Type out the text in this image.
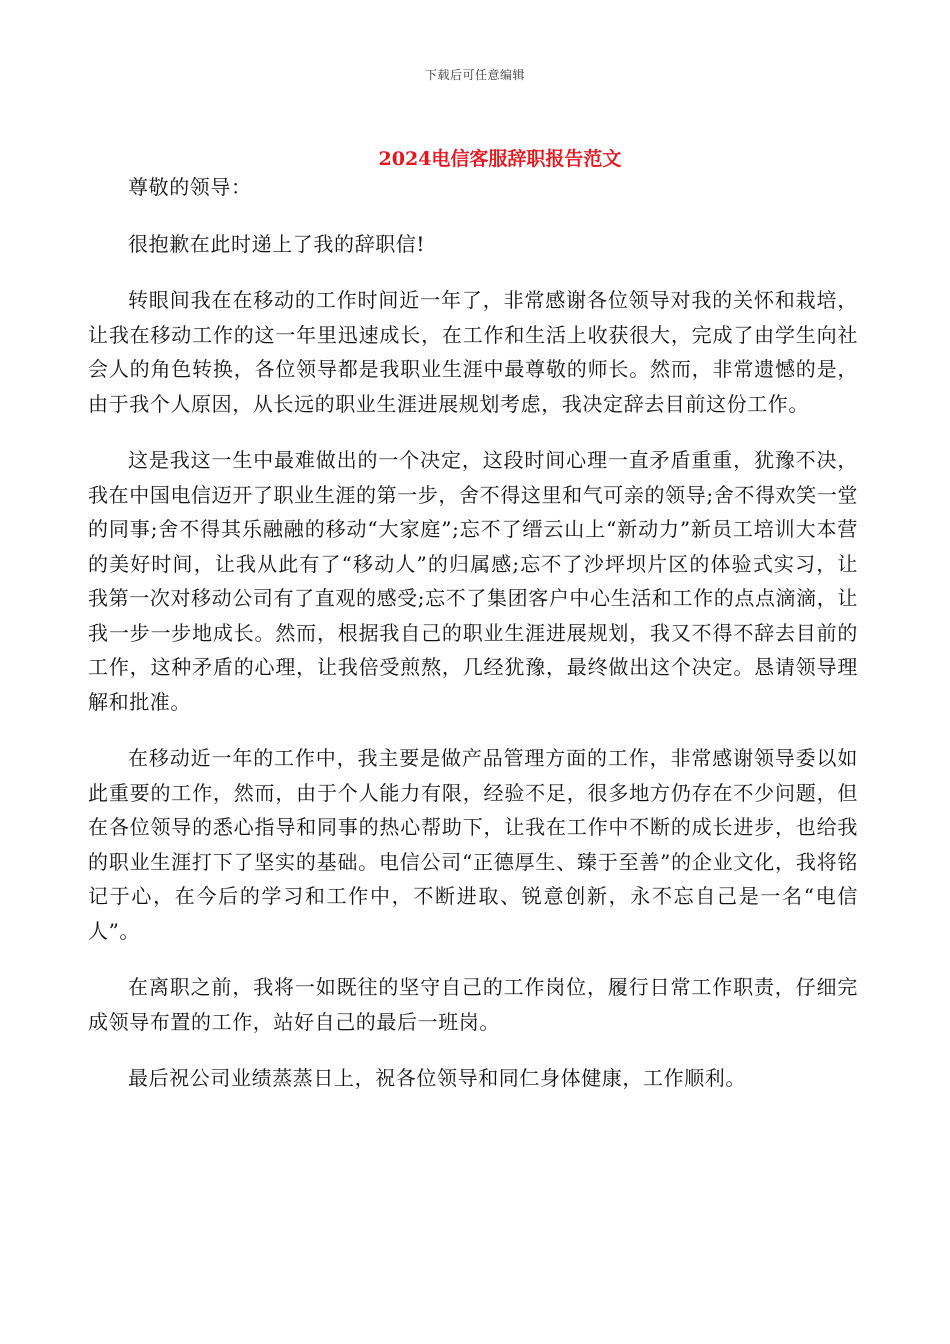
下载后可任意编辑
2024电信客服辞职报告范文

尊敬的领导：

很抱歉在此时递上了我的辞职信!

转眼间我在在移动的工作时间近一年了，非常感谢各位领导对我的关怀和栽培，让我在移动工作的这一年里迅速成长，在工作和生活上收获很大，完成了由学生向社会人的角色转换，各位领导都是我职业生涯中最尊敬的师长。然而，非常遗憾的是，由于我个人原因，从长远的职业生涯进展规划考虑，我决定辞去目前这份工作。

这是我这一生中最难做出的一个决定，这段时间心理一直矛盾重重，犹豫不决，我在中国电信迈开了职业生涯的第一步，舍不得这里和气可亲的领导;舍不得欢笑一堂的同事;舍不得其乐融融的移动“大家庭”;忘不了缙云山上“新动力”新员工培训大本营的美好时间，让我从此有了“移动人”的归属感;忘不了沙坪坝片区的体验式实习，让我第一次对移动公司有了直观的感受;忘不了集团客户中心生活和工作的点点滴滴，让我一步一步地成长。然而，根据我自己的职业生涯进展规划，我又不得不辞去目前的工作，这种矛盾的心理，让我倍受煎熬，几经犹豫，最终做出这个决定。恳请领导理解和批准。

在移动近一年的工作中，我主要是做产品管理方面的工作，非常感谢领导委以如此重要的工作，然而，由于个人能力有限，经验不足，很多地方仍存在不少问题，但在各位领导的悉心指导和同事的热心帮助下，让我在工作中不断的成长进步，也给我的职业生涯打下了坚实的基础。电信公司“正德厚生、臻于至善”的企业文化，我将铭记于心，在今后的学习和工作中，不断进取、锐意创新，永不忘自己是一名“电信人”。

在离职之前，我将一如既往的坚守自己的工作岗位，履行日常工作职责，仔细完成领导布置的工作，站好自己的最后一班岗。

最后祝公司业绩蒸蒸日上，祝各位领导和同仁身体健康，工作顺利。
